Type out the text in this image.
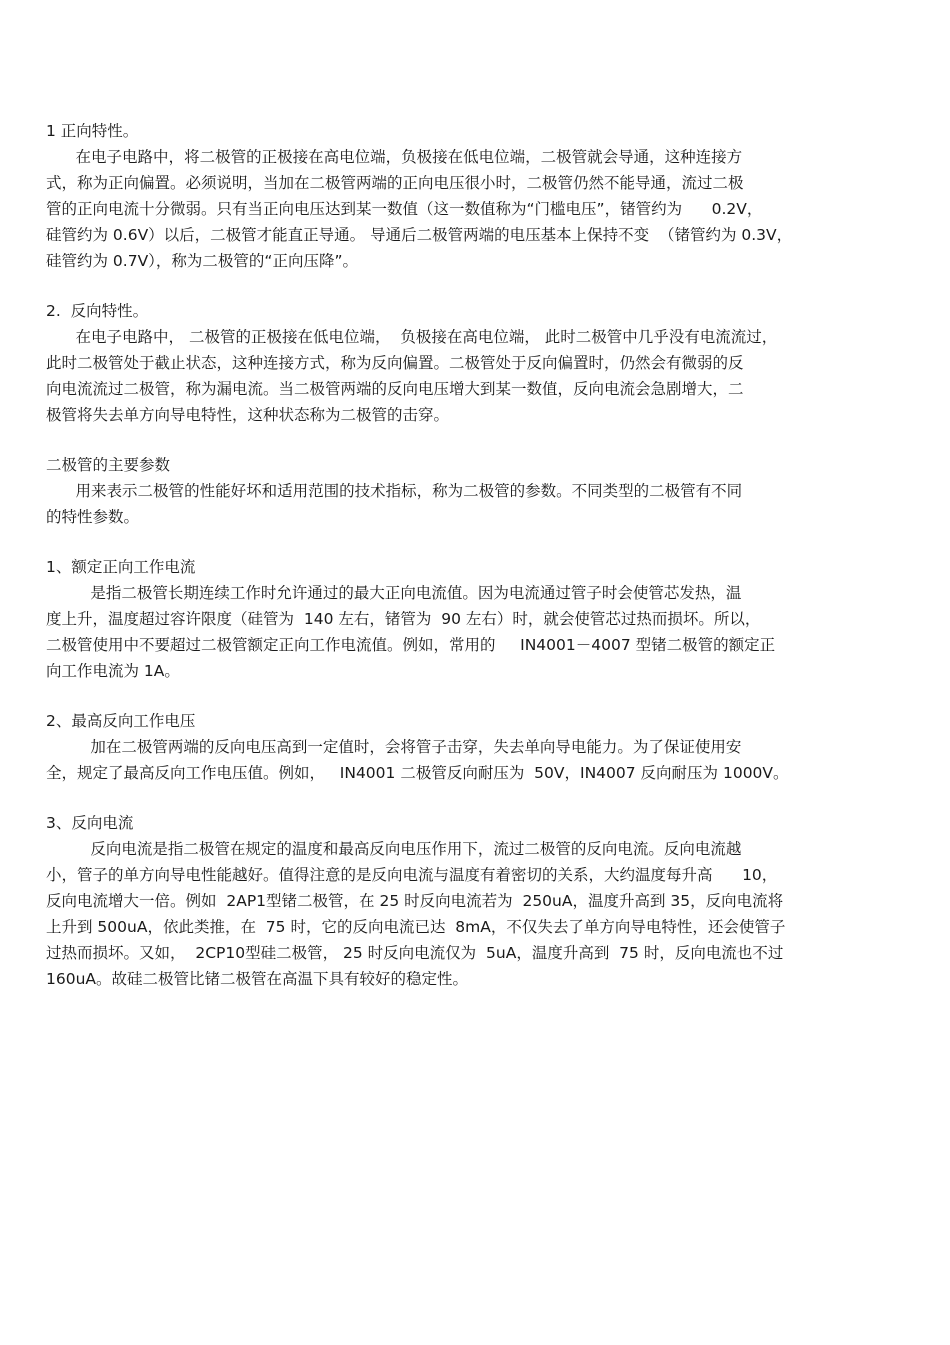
1 正向特性。
在电子电路中，将二极管的正极接在高电位端，负极接在低电位端，二极管就会导通，这种连接方
式，称为正向偏置。必须说明，当加在二极管两端的正向电压很小时，二极管仍然不能导通，流过二极
管的正向电流十分微弱。只有当正向电压达到某一数值（这一数值称为“门槛电压”，锗管约为      0.2V，
硅管约为 0.6V）以后，二极管才能直正导通。 导通后二极管两端的电压基本上保持不变  （锗管约为 0.3V，
硅管约为 0.7V），称为二极管的“正向压降”。
2.  反向特性。
在电子电路中， 二极管的正极接在低电位端，  负极接在高电位端， 此时二极管中几乎没有电流流过，
此时二极管处于截止状态，这种连接方式，称为反向偏置。二极管处于反向偏置时，仍然会有微弱的反
向电流流过二极管，称为漏电流。当二极管两端的反向电压增大到某一数值，反向电流会急剧增大，二
极管将失去单方向导电特性，这种状态称为二极管的击穿。
二极管的主要参数
用来表示二极管的性能好坏和适用范围的技术指标，称为二极管的参数。不同类型的二极管有不同
的特性参数。
1、额定正向工作电流
是指二极管长期连续工作时允许通过的最大正向电流值。因为电流通过管子时会使管芯发热，温
度上升，温度超过容许限度（硅管为  140 左右，锗管为  90 左右）时，就会使管芯过热而损坏。所以，
二极管使用中不要超过二极管额定正向工作电流值。例如，常用的     IN4001－4007 型锗二极管的额定正
向工作电流为 1A。
2、最高反向工作电压
加在二极管两端的反向电压高到一定值时，会将管子击穿，失去单向导电能力。为了保证使用安
全，规定了最高反向工作电压值。例如，   IN4001 二极管反向耐压为  50V，IN4007 反向耐压为 1000V。
3、反向电流
反向电流是指二极管在规定的温度和最高反向电压作用下，流过二极管的反向电流。反向电流越
小，管子的单方向导电性能越好。值得注意的是反向电流与温度有着密切的关系，大约温度每升高      10，
反向电流增大一倍。例如  2AP1型锗二极管，在 25 时反向电流若为  250uA，温度升高到 35，反向电流将
上升到 500uA，依此类推，在  75 时，它的反向电流已达  8mA，不仅失去了单方向导电特性，还会使管子
过热而损坏。又如，  2CP10型硅二极管， 25 时反向电流仅为  5uA，温度升高到  75 时，反向电流也不过
160uA。故硅二极管比锗二极管在高温下具有较好的稳定性。
